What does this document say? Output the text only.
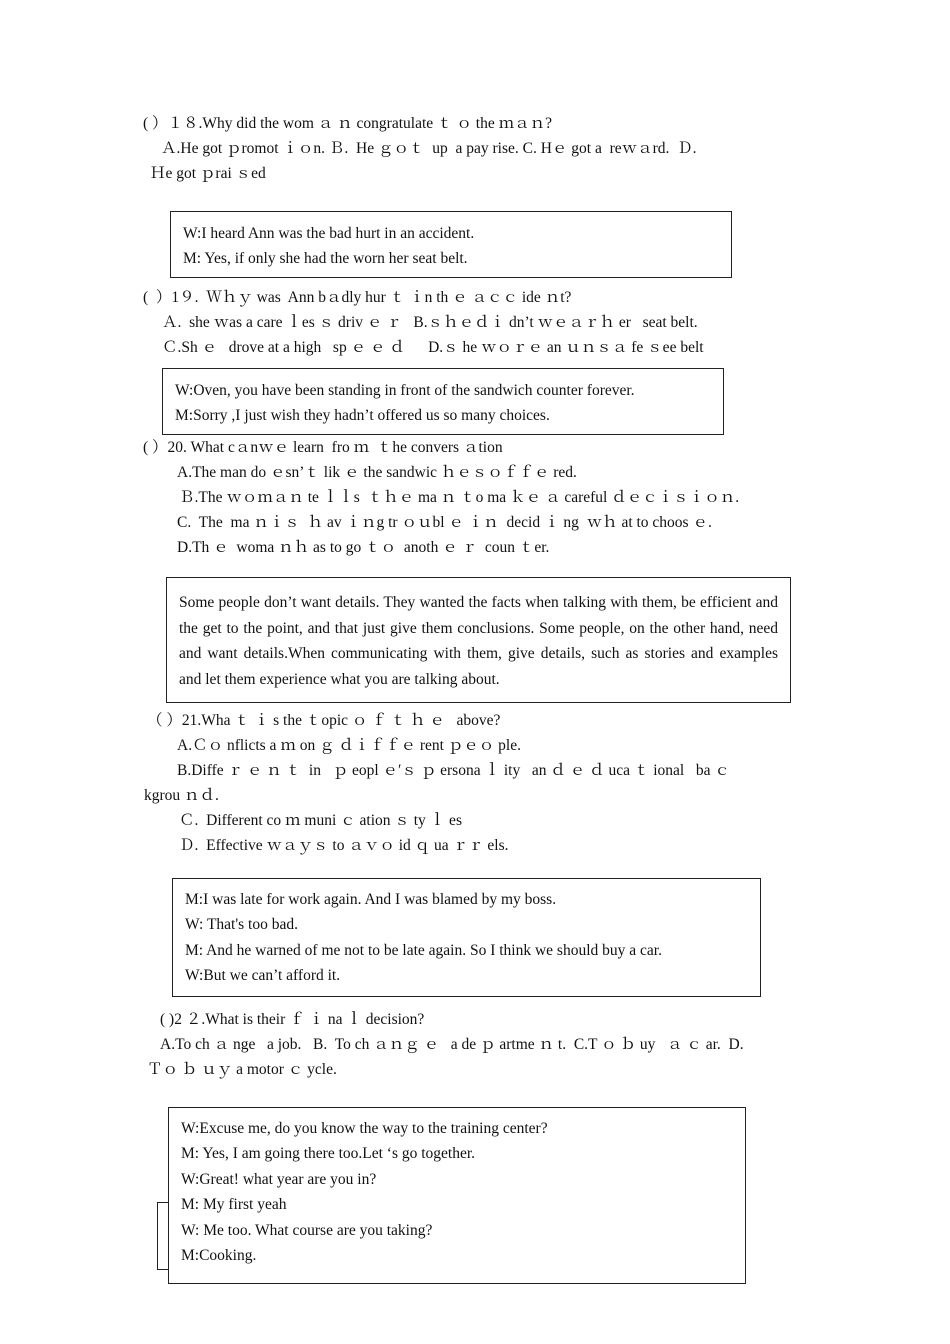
( ）１８.Why did the wom ａ ｎ congratulate ｔ ｏ the ｍａｎ?
Ａ.He got ｐromot ｉｏn. Ｂ.  He ｇｏｔ  up  a pay rise. C. Hｅ got a  reｗａrd.  Ｄ.
Ｈe got ｐrai ｓed
W:I heard Ann was the bad hurt in an accident.
M: Yes, if only she had the worn her seat belt.
(  ）1９.  Ｗｈｙ was  Ann bａdly hur ｔ ｉn th ｅ ａｃｃ ide ｎt?
Ａ.  she ｗas a care ｌes ｓ driv ｅ ｒ   B.ｓｈｅｄｉ dn’t ｗｅａｒｈ er   seat belt.
Ｃ.Sh ｅ   drove at a high   sp ｅ ｅ ｄ      D.ｓ he ｗｏｒｅ an ｕｎｓａ fe ｓee belt
W:Oven, you have been standing in front of the sandwich counter forever.
M:Sorry ,I just wish they hadn’t offered us so many choices.
( ）20. What cａnｗｅ learn  fro ｍ  ｔhe convers ａtion
A.The man do ｅsn’ｔ lik ｅ the sandwic ｈｅｓｏｆｆｅ red.
Ｂ.The ｗｏｍａｎ te ｌｌs  ｔｈｅ ma ｎ ｔo ma ｋｅ ａ careful ｄｅｃｉｓｉｏｎ.
C.  The  ma ｎｉｓ  ｈ av ｉｎg tr ｏｕbl ｅ ｉｎ  decid ｉ ng  ｗｈ at to choos ｅ.
D.Th ｅ  woma ｎｈ as to go ｔｏ  anoth ｅ ｒ  coun ｔer.
Some people don’t want details. They wanted the facts when talking with them, be efficient and the get to the point, and that just give them conclusions. Some people, on the other hand, need and want details.When communicating with them, give details, such as stories and examples and let them experience what you are talking about.
（ ）21.Wha ｔ ｉ s the ｔopic ｏ ｆ ｔ ｈ ｅ   above?
A.Ｃｏ nflicts a ｍ on ｇ ｄｉｆｆｅ rent ｐｅｏ ple.
B.Diffe ｒ ｅ ｎ ｔ  in   ｐ eopl ｅ′ｓ ｐ ersona ｌ ity   an ｄ ｅ ｄ uca ｔ ional   ba ｃ
kgrou ｎｄ.
Ｃ.  Different co ｍ muni ｃ ation ｓ ty ｌ es
Ｄ.  Effective ｗａｙｓ to ａｖｏ id ｑ ua ｒｒ els.
M:I was late for work again. And I was blamed by my boss.
W: That's too bad.
M: And he warned of me not to be late again. So I think we should buy a car.
W:But we can’t afford it.
( )2 ２.What is their ｆ ｉ na ｌ decision?
A.To ch ａ nge   a job.   B.  To ch ａｎｇ ｅ   a de ｐ artme ｎ t.  C.T ｏ ｂ uy   ａ ｃ ar.  D.
Ｔｏ ｂ ｕｙ a motor ｃ ycle.
W:Excuse me, do you know the way to the training center?
M: Yes, I am going there too.Let ‘s go together.
W:Great! what year are you in?
M: My first yeah
W: Me too. What course are you taking?
M:Cooking.
